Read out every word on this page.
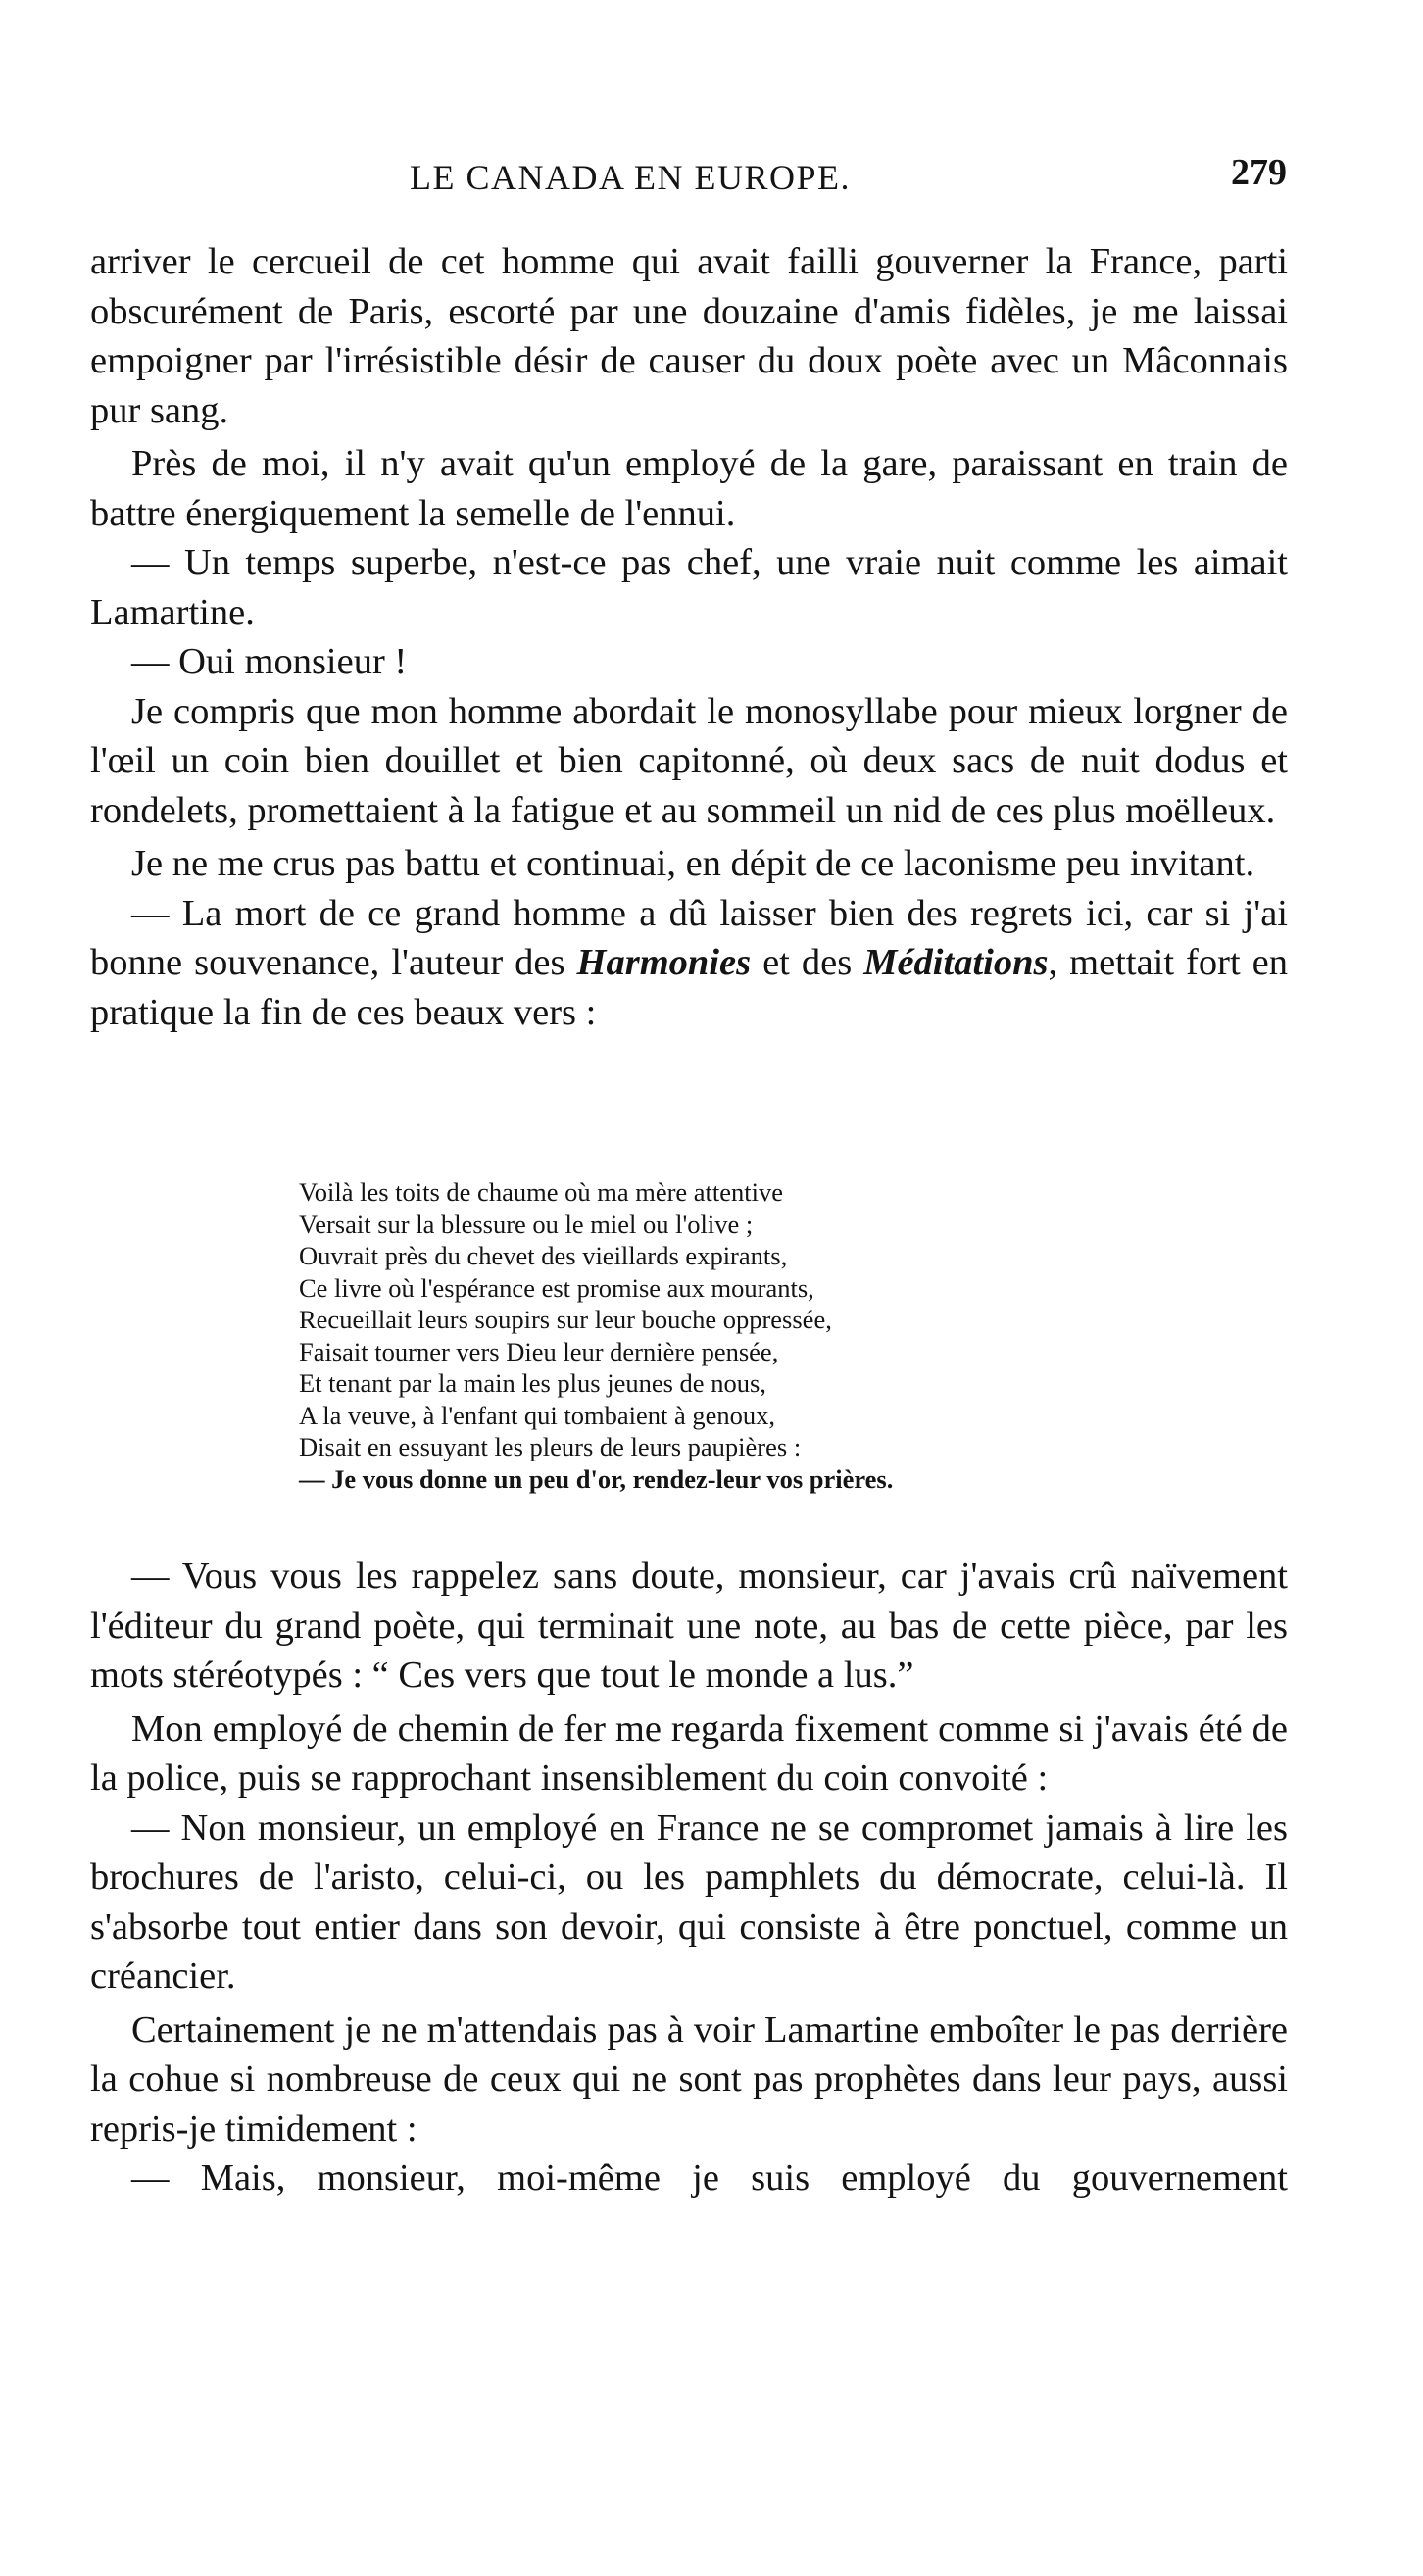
LE CANADA EN EUROPE.	279

arriver le cercueil de cet homme qui avait failli gouverner la France, parti obscurément de Paris, escorté par une douzaine d'amis fidèles, je me laissai empoigner par l'irrésistible désir de causer du doux poète avec un Mâconnais pur sang.

Près de moi, il n'y avait qu'un employé de la gare, paraissant en train de battre énergiquement la semelle de l'ennui.

— Un temps superbe, n'est-ce pas chef, une vraie nuit comme les aimait Lamartine.

— Oui monsieur !

Je compris que mon homme abordait le monosyllabe pour mieux lorgner de l'œil un coin bien douillet et bien capitonné, où deux sacs de nuit dodus et rondelets, promettaient à la fatigue et au sommeil un nid de ces plus moëlleux.

Je ne me crus pas battu et continuai, en dépit de ce laconisme peu invitant.

— La mort de ce grand homme a dû laisser bien des regrets ici, car si j'ai bonne souvenance, l'auteur des Harmonies et des Méditations, mettait fort en pratique la fin de ces beaux vers :

Voilà les toits de chaume où ma mère attentive
Versait sur la blessure ou le miel ou l'olive ;
Ouvrait près du chevet des vieillards expirants,
Ce livre où l'espérance est promise aux mourants,
Recueillait leurs soupirs sur leur bouche oppressée,
Faisait tourner vers Dieu leur dernière pensée,
Et tenant par la main les plus jeunes de nous,
A la veuve, à l'enfant qui tombaient à genoux,
Disait en essuyant les pleurs de leurs paupières :
— Je vous donne un peu d'or, rendez-leur vos prières.

— Vous vous les rappelez sans doute, monsieur, car j'avais crû naïvement l'éditeur du grand poète, qui terminait une note, au bas de cette pièce, par les mots stéréotypés : “ Ces vers que tout le monde a lus.”

Mon employé de chemin de fer me regarda fixement comme si j'avais été de la police, puis se rapprochant insensiblement du coin convoité :

— Non monsieur, un employé en France ne se compromet jamais à lire les brochures de l'aristo, celui-ci, ou les pamphlets du démocrate, celui-là. Il s'absorbe tout entier dans son devoir, qui consiste à être ponctuel, comme un créancier.

Certainement je ne m'attendais pas à voir Lamartine emboîter le pas derrière la cohue si nombreuse de ceux qui ne sont pas prophètes dans leur pays, aussi repris-je timidement :

— Mais, monsieur, moi-même je suis employé du gouvernement
